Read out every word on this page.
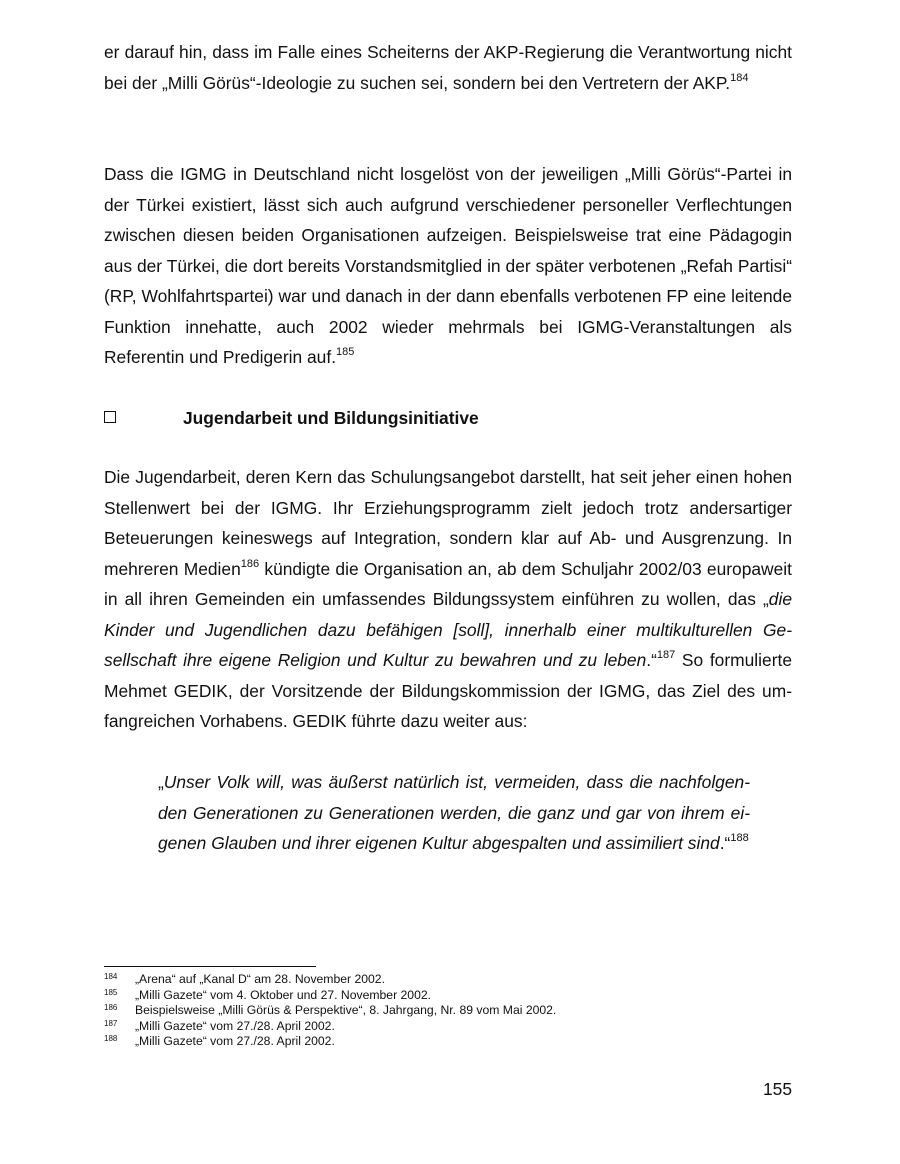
er darauf hin, dass im Falle eines Scheiterns der AKP-Regierung die Verantwortung nicht bei der „Milli Görüs“-Ideologie zu suchen sei, sondern bei den Vertretern der AKP.$^{184}$
Dass die IGMG in Deutschland nicht losgelöst von der jeweiligen „Milli Görüs“-Partei in der Türkei existiert, lässt sich auch aufgrund verschiedener personeller Verflechtungen zwischen diesen beiden Organisationen aufzeigen. Beispielsweise trat eine Pädagogin aus der Türkei, die dort bereits Vorstandsmitglied in der später verbotenen „Refah Partisi“ (RP, Wohlfahrtspartei) war und danach in der dann ebenfalls verbotenen FP eine leitende Funktion innehatte, auch 2002 wieder mehrmals bei IGMG-Veranstaltungen als Referentin und Predigerin auf.$^{185}$
Jugendarbeit und Bildungsinitiative
Die Jugendarbeit, deren Kern das Schulungsangebot darstellt, hat seit jeher einen hohen Stellenwert bei der IGMG. Ihr Erziehungsprogramm zielt jedoch trotz andersartiger Beteuerungen keineswegs auf Integration, sondern klar auf Ab- und Ausgrenzung. In mehreren Medien$^{186}$ kündigte die Organisation an, ab dem Schuljahr 2002/03 europaweit in all ihren Gemeinden ein umfassendes Bildungssystem einführen zu wollen, das „die Kinder und Jugendlichen dazu befähigen [soll], innerhalb einer multikulturellen Gesellschaft ihre eigene Religion und Kultur zu bewahren und zu leben.“$^{187}$ So formulierte Mehmet GEDIK, der Vorsitzende der Bildungskommission der IGMG, das Ziel des umfangreichen Vorhabens. GEDIK führte dazu weiter aus:
„Unser Volk will, was äußerst natürlich ist, vermeiden, dass die nachfolgenden Generationen zu Generationen werden, die ganz und gar von ihrem eigenen Glauben und ihrer eigenen Kultur abgespalten und assimiliert sind.“$^{188}$
184	„Arena“ auf „Kanal D“ am 28. November 2002.
185	„Milli Gazete“ vom 4. Oktober und 27. November 2002.
186	Beispielsweise „Milli Görüs & Perspektive“, 8. Jahrgang, Nr. 89 vom Mai 2002.
187	„Milli Gazete“ vom 27./28. April 2002.
188	„Milli Gazete“ vom 27./28. April 2002.
155
